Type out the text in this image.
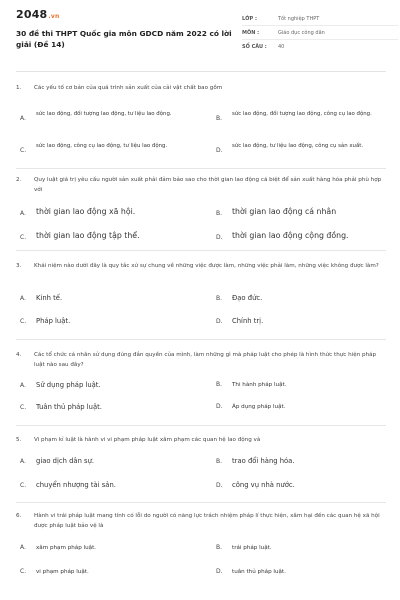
2048.vn
30 đề thi THPT Quốc gia môn GDCD năm 2022 có lời giải (Đề 14)
LỚP :	Tốt nghiệp THPT
MÔN :	Giáo dục công dân
SỐ CÂU :	40
1.	Các yếu tố cơ bản của quá trình sản xuất của cải vật chất bao gồm
A.
sức lao động, đối tượng lao động, tư liệu lao động.
B.
sức lao động, đối tượng lao động, công cụ lao động.
C.
sức lao động, công cụ lao động, tư liệu lao động.
D.
sức lao động, tư liệu lao động, công cụ sản xuất.
2.	Quy luật giá trị yêu cầu người sản xuất phải đảm bảo sao cho thời gian lao động cá biệt để sản xuất hàng hóa phải phù hợp với
A.	thời gian lao động xã hội.	B.	thời gian lao động cá nhân
C.	thời gian lao động tập thể.	D.	thời gian lao động cộng đồng.
3.	Khái niệm nào dưới đây là quy tắc xử sự chung về những việc được làm, những việc phải làm, những việc không được làm?
A.	Kinh tế.	B.	Đạo đức.
C.	Pháp luật.	D.	Chính trị.
4.	Các tổ chức cá nhân sử dụng đúng đắn quyền của mình, làm những gì mà pháp luật cho phép là hình thức thực hiện pháp luật nào sau đây?
A.	Sử dụng pháp luật.	B.	Thi hành pháp luật.
C.	Tuân thủ pháp luật.	D.	Áp dụng pháp luật.
5.	Vi phạm kỉ luật là hành vi vi phạm pháp luật xâm phạm các quan hệ lao động và
A.	giao dịch dân sự.	B.	trao đổi hàng hóa.
C.	chuyển nhượng tài sản.	D.	công vụ nhà nước.
6.	Hành vi trái pháp luật mang tính có lỗi do người có năng lực trách nhiệm pháp lí thực hiện, xâm hại đến các quan hệ xã hội được pháp luật bảo vệ là
A.	xâm phạm pháp luật.	B.	trái pháp luật.
C.	vi phạm pháp luật.	D.	tuân thủ pháp luật.
